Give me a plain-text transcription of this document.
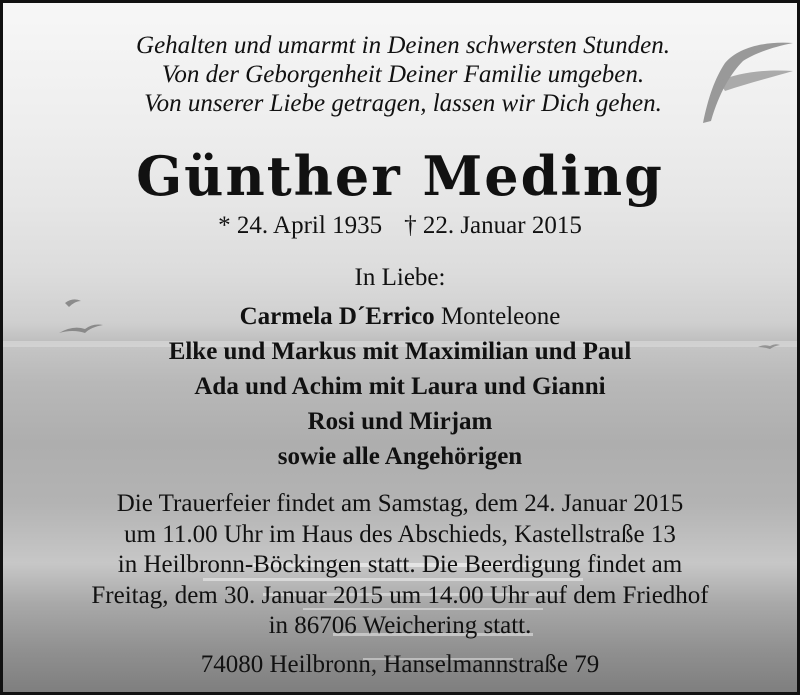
Gehalten und umarmt in Deinen schwersten Stunden.
Von der Geborgenheit Deiner Familie umgeben.
Von unserer Liebe getragen, lassen wir Dich gehen.
Günther Meding
* 24. April 1935 † 22. Januar 2015
In Liebe:
Carmela D´Errico Monteleone
Elke und Markus mit Maximilian und Paul
Ada und Achim mit Laura und Gianni
Rosi und Mirjam
sowie alle Angehörigen
Die Trauerfeier findet am Samstag, dem 24. Januar 2015
um 11.00 Uhr im Haus des Abschieds, Kastellstraße 13
in Heilbronn-Böckingen statt. Die Beerdigung findet am
Freitag, dem 30. Januar 2015 um 14.00 Uhr auf dem Friedhof
in 86706 Weichering statt.
74080 Heilbronn, Hanselmannstraße 79
